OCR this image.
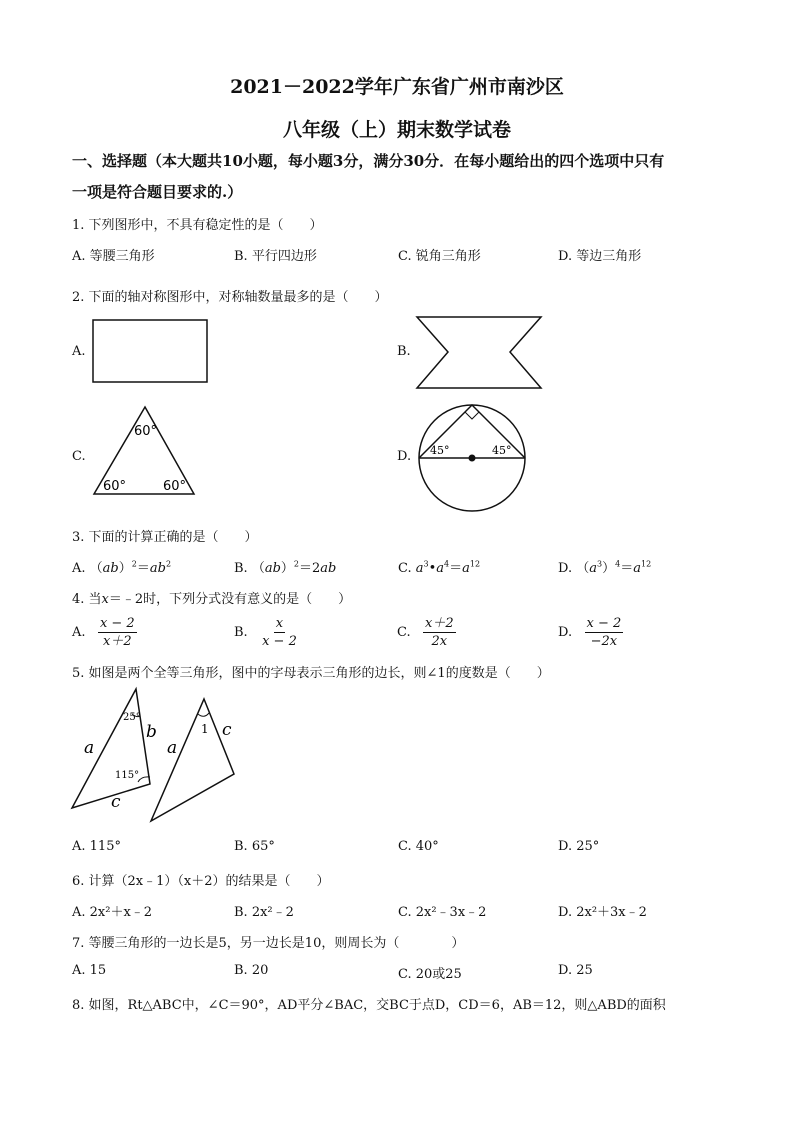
2021－2022学年广东省广州市南沙区
八年级（上）期末数学试卷
一、选择题（本大题共10小题，每小题3分，满分30分．在每小题给出的四个选项中只有
一项是符合题目要求的.）
1. 下列图形中，不具有稳定性的是（　　）
A. 等腰三角形	B. 平行四边形	C. 锐角三角形	D. 等边三角形
2. 下面的轴对称图形中，对称轴数量最多的是（　　）
A.	B.
C.
60°
60°	60°
D. 45°	45°
3. 下面的计算正确的是（　　）
A. $(ab)^2=ab^2$	B. （ab）$^2$＝2ab	C. $a^3•a^4=a^{12}$	D. $(a^3)^4=a^{12}$
4. 当x＝﹣2时，下列分式没有意义的是（　　）
A. $\frac{x - 2}{x+2}$	B. $\frac{x}{x - 2}$	C. $\frac{x+2}{2x}$	D. $\frac{x - 2}{-2x}$
5. 如图是两个全等三角形，图中的字母表示三角形的边长，则∠1的度数是（　　）
25°
115°
a
b
c
1
a
c
A. 115°	B. 65°	C. 40°	D. 25°
6. 计算（2x﹣1）（x＋2）的结果是（　　）
A. 2x²＋x﹣2	B. 2x²﹣2	C. 2x²﹣3x﹣2	D. 2x²＋3x﹣2
7. 等腰三角形的一边长是5，另一边长是10，则周长为（　　　　）
A. 15	B. 20	C. 20或25	D. 25
8. 如图，Rt△ABC中，∠C＝90°，AD平分∠BAC，交BC于点D，CD＝6，AB＝12，则△ABD的面积
